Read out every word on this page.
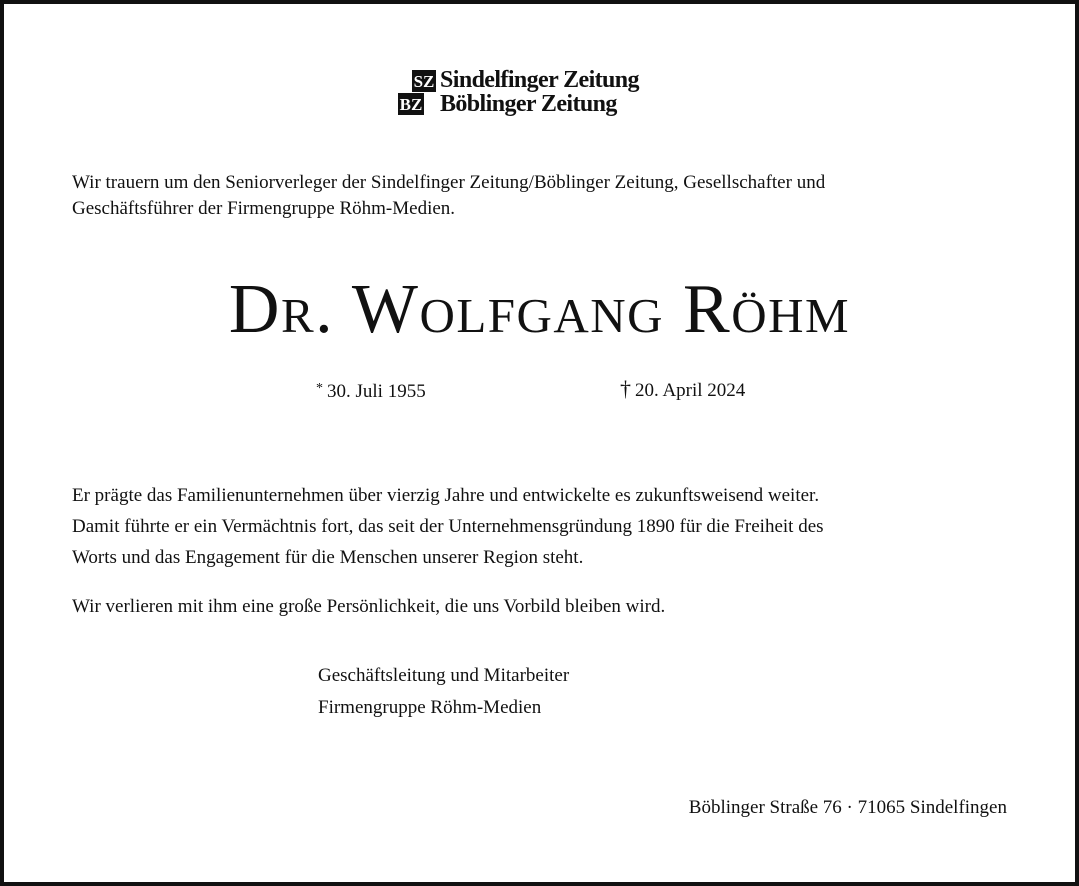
SZ
BZ
Sindelfinger Zeitung
Böblinger Zeitung

Wir trauern um den Seniorverleger der Sindelfinger Zeitung/Böblinger Zeitung, Gesellschafter und

Geschäftsführer der Firmengruppe Röhm-Medien.

Dr. Wolfgang Röhm
* 30. Juli 1955	† 20. April 2024

Er prägte das Familienunternehmen über vierzig Jahre und entwickelte es zukunftsweisend weiter.

Damit führte er ein Vermächtnis fort, das seit der Unternehmensgründung 1890 für die Freiheit des

Worts und das Engagement für die Menschen unserer Region steht.

Wir verlieren mit ihm eine große Persönlichkeit, die uns Vorbild bleiben wird.

Geschäftsleitung und Mitarbeiter

Firmengruppe Röhm-Medien

Böblinger Straße 76 · 71065 Sindelfingen
